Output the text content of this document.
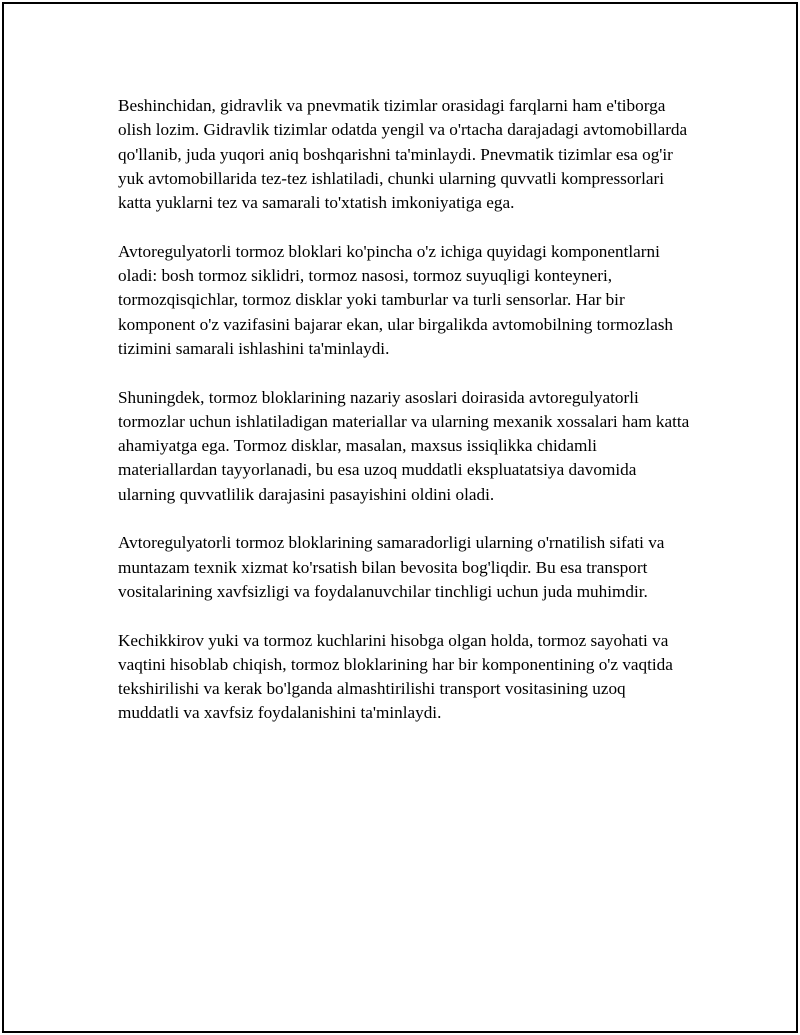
Beshinchidan, gidravlik va pnevmatik tizimlar orasidagi farqlarni ham e'tiborga olish lozim. Gidravlik tizimlar odatda yengil va o'rtacha darajadagi avtomobillarda qo'llanib, juda yuqori aniq boshqarishni ta'minlaydi. Pnevmatik tizimlar esa og'ir yuk avtomobillarida tez-tez ishlatiladi, chunki ularning quvvatli kompressorlari katta yuklarni tez va samarali to'xtatish imkoniyatiga ega.

Avtoregulyatorli tormoz bloklari ko'pincha o'z ichiga quyidagi komponentlarni oladi: bosh tormoz siklidri, tormoz nasosi, tormoz suyuqligi konteyneri, tormozqisqichlar, tormoz disklar yoki tamburlar va turli sensorlar. Har bir komponent o'z vazifasini bajarar ekan, ular birgalikda avtomobilning tormozlash tizimini samarali ishlashini ta'minlaydi.

Shuningdek, tormoz bloklarining nazariy asoslari doirasida avtoregulyatorli tormozlar uchun ishlatiladigan materiallar va ularning mexanik xossalari ham katta ahamiyatga ega. Tormoz disklar, masalan, maxsus issiqlikka chidamli materiallardan tayyorlanadi, bu esa uzoq muddatli ekspluatatsiya davomida ularning quvvatlilik darajasini pasayishini oldini oladi.

Avtoregulyatorli tormoz bloklarining samaradorligi ularning o'rnatilish sifati va muntazam texnik xizmat ko'rsatish bilan bevosita bog'liqdir. Bu esa transport vositalarining xavfsizligi va foydalanuvchilar tinchligi uchun juda muhimdir.

Kechikkirov yuki va tormoz kuchlarini hisobga olgan holda, tormoz sayohati va vaqtini hisoblab chiqish, tormoz bloklarining har bir komponentining o'z vaqtida tekshirilishi va kerak bo'lganda almashtirilishi transport vositasining uzoq muddatli va xavfsiz foydalanishini ta'minlaydi.
